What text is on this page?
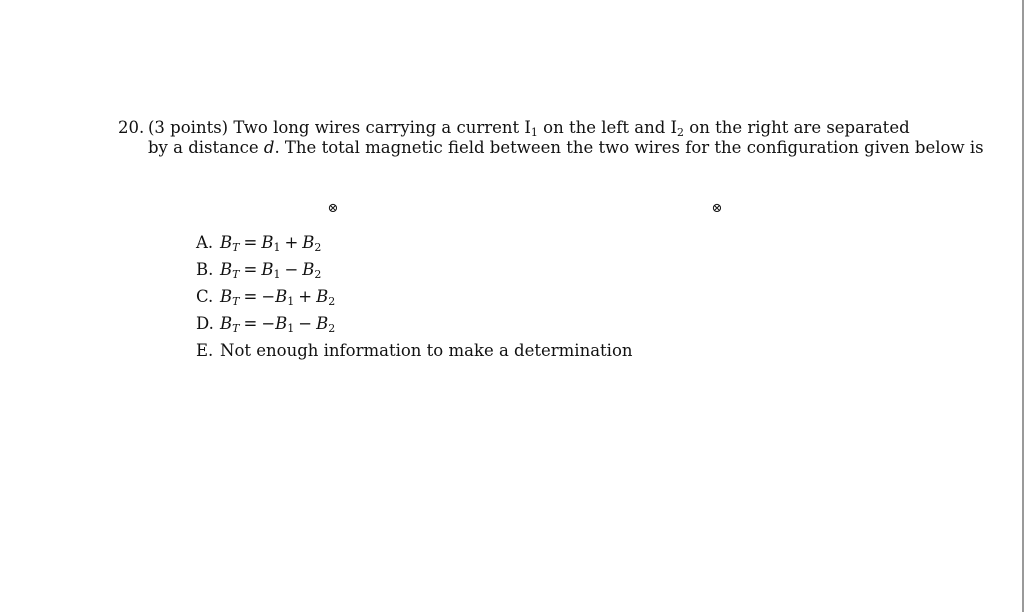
20. (3 points) Two long wires carrying a current $I_1$ on the left and $I_2$ on the right are separated
by a distance d. The total magnetic field between the two wires for the configuration given below is
⊗	⊗
A. $B_T = B_1 + B_2$
B. $B_T = B_1 - B_2$
C. $B_T = -B_1 + B_2$
D. $B_T = -B_1 - B_2$
E. Not enough information to make a determination
